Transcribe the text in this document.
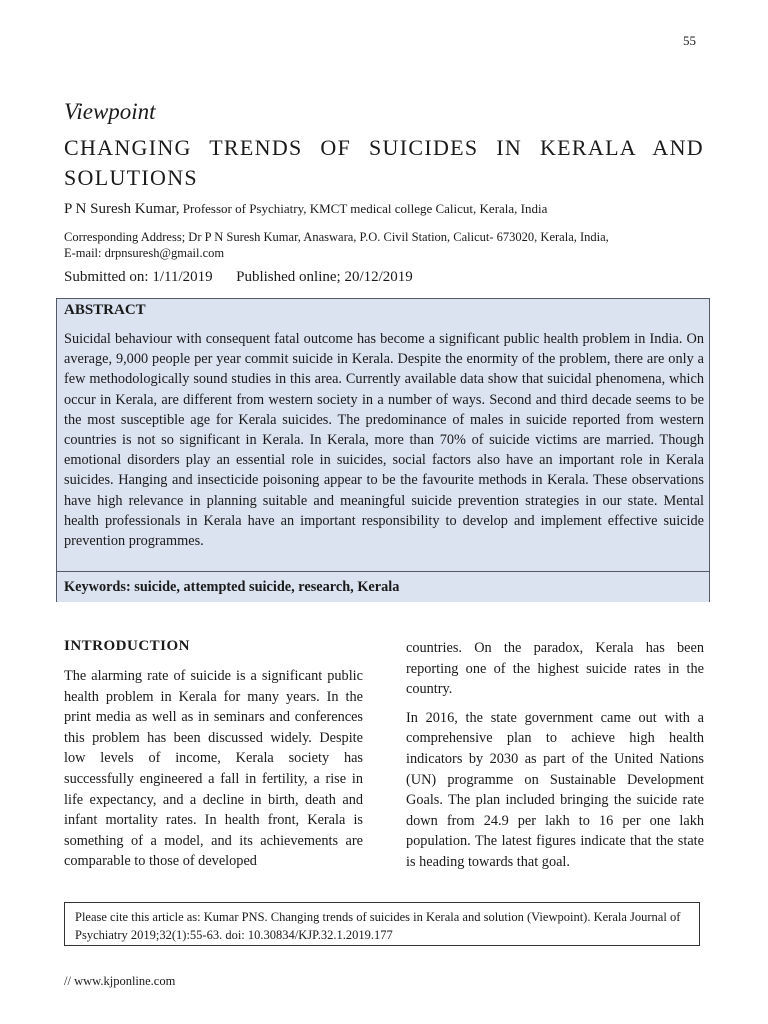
55
Viewpoint
CHANGING TRENDS OF SUICIDES IN KERALA AND
SOLUTIONS
P N Suresh Kumar, Professor of Psychiatry, KMCT medical college Calicut, Kerala, India
Corresponding Address; Dr P N Suresh Kumar, Anaswara, P.O. Civil Station, Calicut- 673020, Kerala, India,
E-mail: drpnsuresh@gmail.com
Submitted on: 1/11/2019 Published online; 20/12/2019
ABSTRACT
Suicidal behaviour with consequent fatal outcome has become a significant public health problem in India. On average, 9,000 people per year commit suicide in Kerala. Despite the enormity of the problem, there are only a few methodologically sound studies in this area. Currently available data show that suicidal phenomena, which occur in Kerala, are different from western society in a number of ways. Second and third decade seems to be the most susceptible age for Kerala suicides. The predominance of males in suicide reported from western countries is not so significant in Kerala. In Kerala, more than 70% of suicide victims are married. Though emotional disorders play an essential role in suicides, social factors also have an important role in Kerala suicides. Hanging and insecticide poisoning appear to be the favourite methods in Kerala. These observations have high relevance in planning suitable and meaningful suicide prevention strategies in our state. Mental health professionals in Kerala have an important responsibility to develop and implement effective suicide prevention programmes.
Keywords: suicide, attempted suicide, research, Kerala
INTRODUCTION

The alarming rate of suicide is a significant public health problem in Kerala for many years. In the print media as well as in seminars and conferences this problem has been discussed widely. Despite low levels of income, Kerala society has successfully engineered a fall in fertility, a rise in life expectancy, and a decline in birth, death and infant mortality rates. In health front, Kerala is something of a model, and its achievements are comparable to those of developed

countries. On the paradox, Kerala has been reporting one of the highest suicide rates in the country.

In 2016, the state government came out with a comprehensive plan to achieve high health indicators by 2030 as part of the United Nations (UN) programme on Sustainable Development Goals. The plan included bringing the suicide rate down from 24.9 per lakh to 16 per one lakh population. The latest figures indicate that the state is heading towards that goal.

Please cite this article as: Kumar PNS. Changing trends of suicides in Kerala and solution (Viewpoint). Kerala Journal of Psychiatry 2019;32(1):55-63. doi: 10.30834/KJP.32.1.2019.177
// www.kjponline.com
